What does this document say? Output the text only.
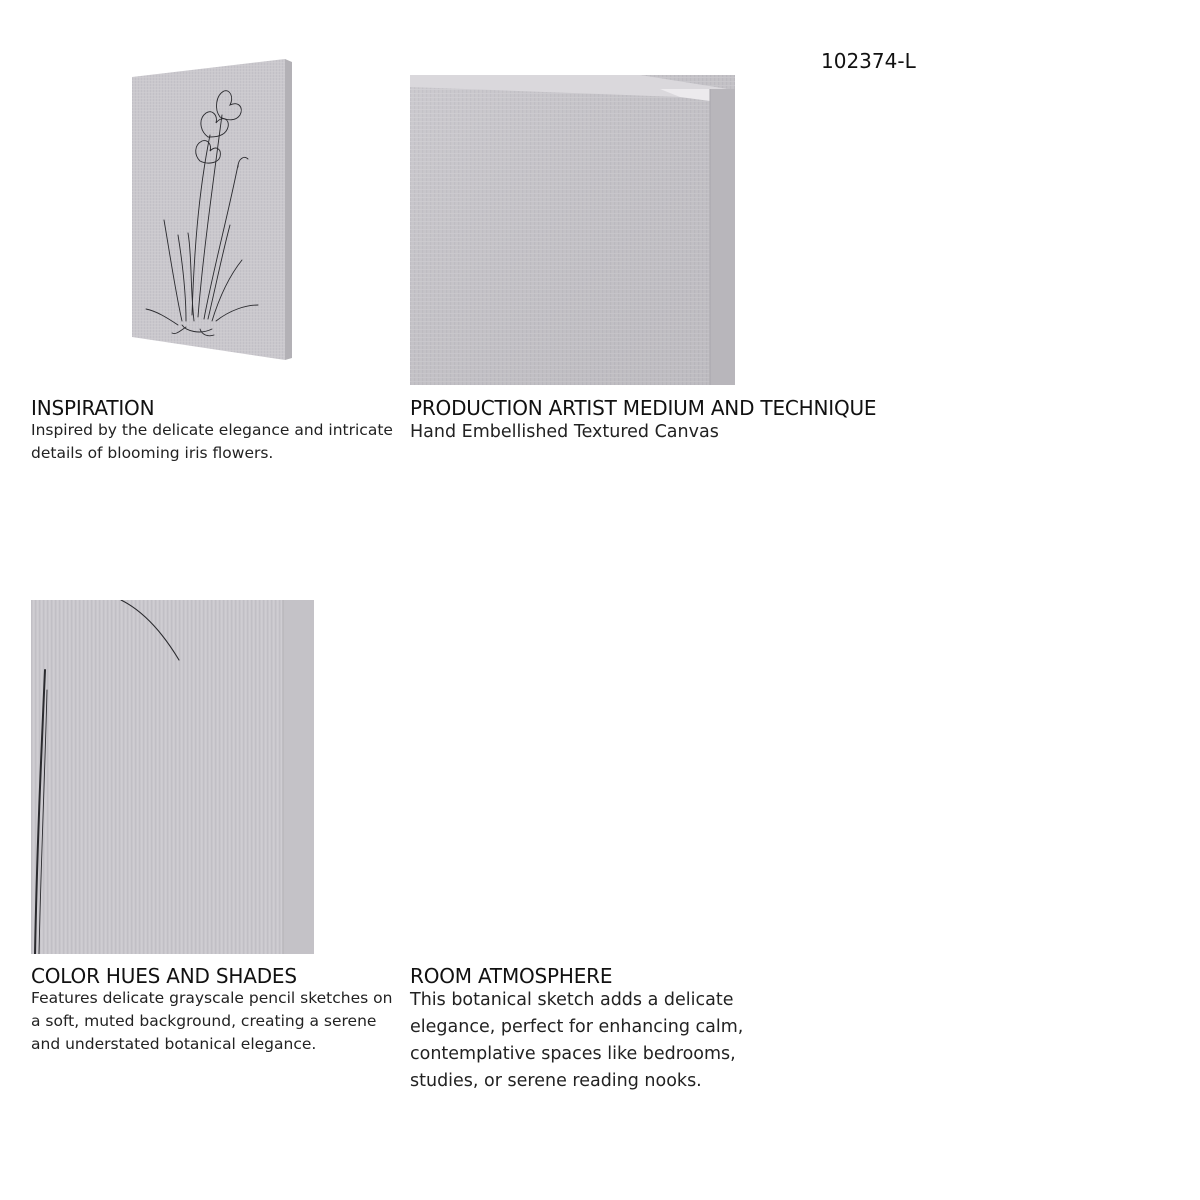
102374-L
INSPIRATION
Inspired by the delicate elegance and intricate details of blooming iris flowers.
PRODUCTION ARTIST MEDIUM AND TECHNIQUE
Hand Embellished Textured Canvas
COLOR HUES AND SHADES
Features delicate grayscale pencil sketches on a soft, muted background, creating a serene and understated botanical elegance.
ROOM ATMOSPHERE
This botanical sketch adds a delicate elegance, perfect for enhancing calm, contemplative spaces like bedrooms, studies, or serene reading nooks.
